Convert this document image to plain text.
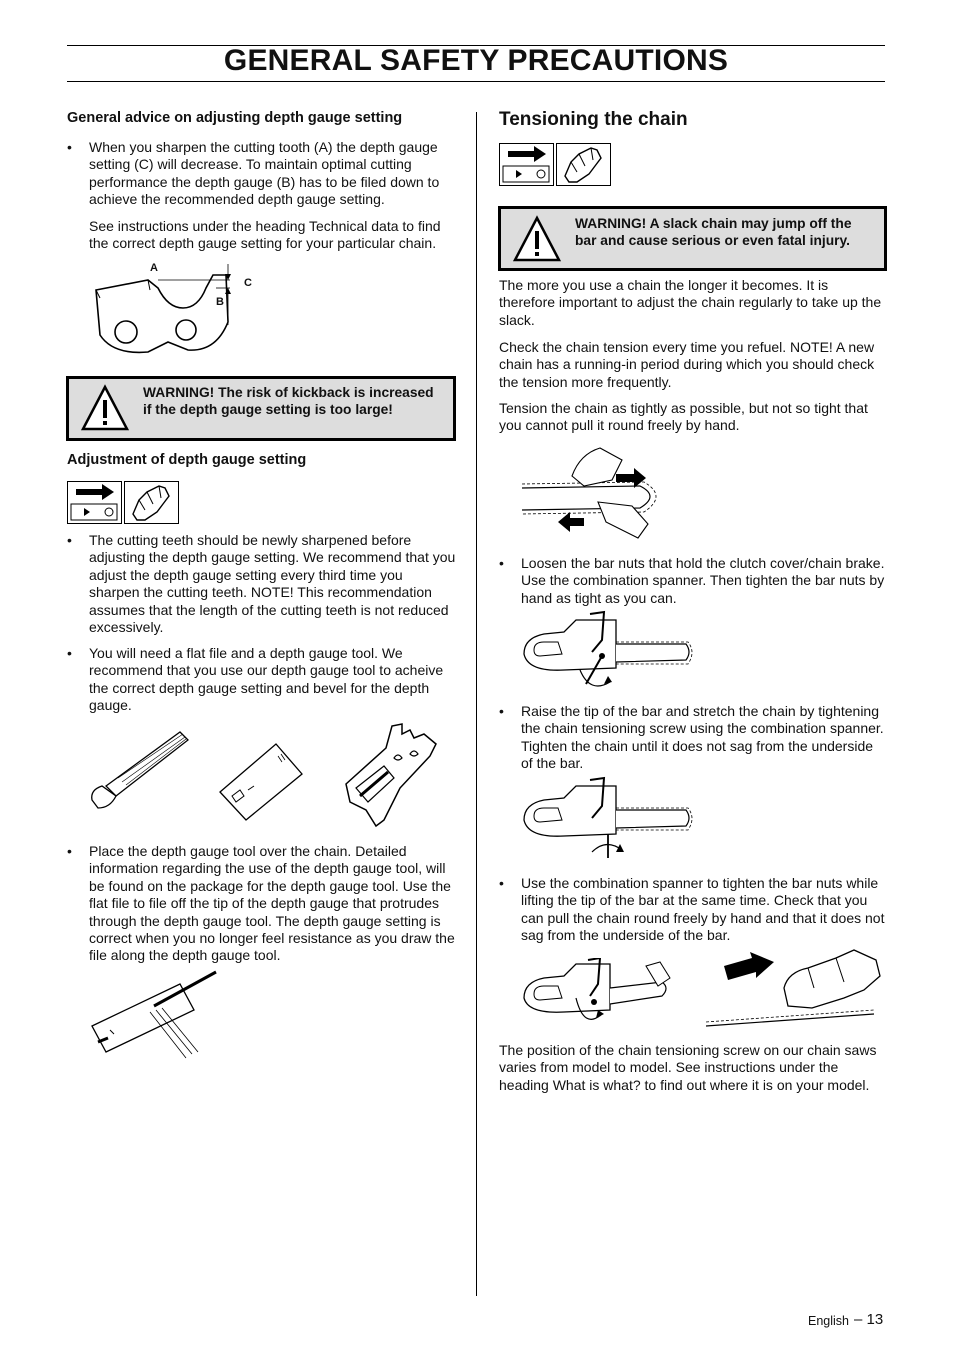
GENERAL SAFETY PRECAUTIONS
General advice on adjusting depth gauge setting
• When you sharpen the cutting tooth (A) the depth gauge setting (C) will decrease. To maintain optimal cutting performance the depth gauge (B) has to be filed down to achieve the recommended depth gauge setting.
See instructions under the heading Technical data to find the correct depth gauge setting for your particular chain.
A
C
B
WARNING! The risk of kickback is increased if the depth gauge setting is too large!
Adjustment of depth gauge setting
• The cutting teeth should be newly sharpened before adjusting the depth gauge setting. We recommend that you adjust the depth gauge setting every third time you sharpen the cutting teeth. NOTE! This recommendation assumes that the length of the cutting teeth is not reduced excessively.
• You will need a flat file and a depth gauge tool. We recommend that you use our depth gauge tool to acheive the correct depth gauge setting and bevel for the depth gauge.
• Place the depth gauge tool over the chain. Detailed information regarding the use of the depth gauge tool, will be found on the package for the depth gauge tool. Use the flat file to file off the tip of the depth gauge that protrudes through the depth gauge tool. The depth gauge setting is correct when you no longer feel resistance as you draw the file along the depth gauge tool.
Tensioning the chain
WARNING! A slack chain may jump off the bar and cause serious or even fatal injury.
The more you use a chain the longer it becomes. It is therefore important to adjust the chain regularly to take up the slack.
Check the chain tension every time you refuel. NOTE! A new chain has a running-in period during which you should check the tension more frequently.
Tension the chain as tightly as possible, but not so tight that you cannot pull it round freely by hand.
• Loosen the bar nuts that hold the clutch cover/chain brake. Use the combination spanner. Then tighten the bar nuts by hand as tight as you can.
• Raise the tip of the bar and stretch the chain by tightening the chain tensioning screw using the combination spanner. Tighten the chain until it does not sag from the underside of the bar.
• Use the combination spanner to tighten the bar nuts while lifting the tip of the bar at the same time. Check that you can pull the chain round freely by hand and that it does not sag from the underside of the bar.
The position of the chain tensioning screw on our chain saws varies from model to model. See instructions under the heading What is what? to find out where it is on your model.
English – 13
